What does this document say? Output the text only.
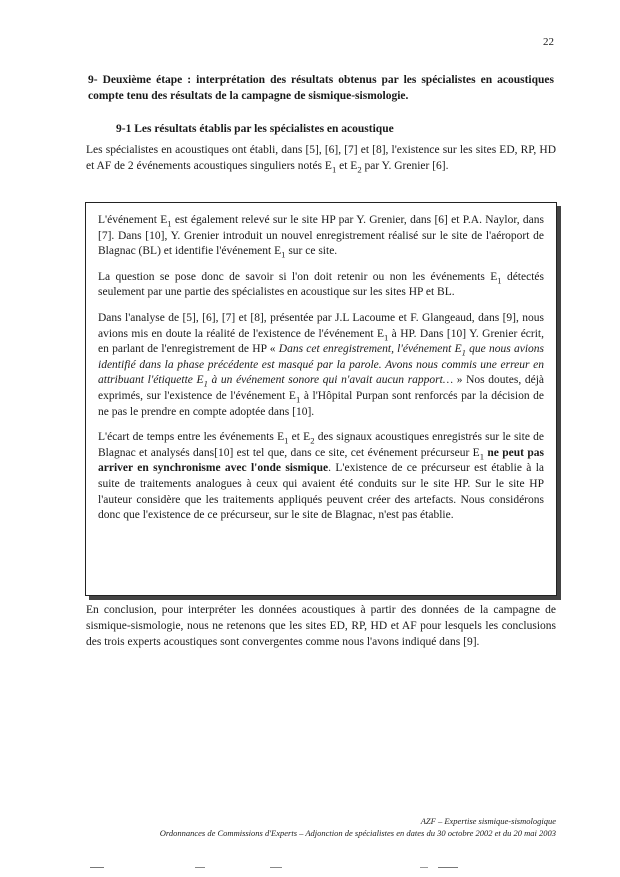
22
9- Deuxième étape : interprétation des résultats obtenus par les spécialistes en acoustiques compte tenu des résultats de la campagne de sismique-sismologie.
9-1 Les résultats établis par les spécialistes en acoustique
Les spécialistes en acoustiques ont établi, dans [5], [6], [7] et [8], l'existence sur les sites ED, RP, HD et AF de 2 événements acoustiques singuliers notés $E_1$ et $E_2$ par Y. Grenier [6].

L'événement $E_1$ est également relevé sur le site HP par Y. Grenier, dans [6] et P.A. Naylor, dans [7]. Dans [10], Y. Grenier introduit un nouvel enregistrement réalisé sur le site de l'aéroport de Blagnac (BL) et identifie l'événement $E_1$ sur ce site.

La question se pose donc de savoir si l'on doit retenir ou non les événements $E_1$ détectés seulement par une partie des spécialistes en acoustique sur les sites HP et BL.

Dans l'analyse de [5], [6], [7] et [8], présentée par J.L Lacoume et F. Glangeaud, dans [9], nous avions mis en doute la réalité de l'existence de l'événement $E_1$ à HP. Dans [10] Y. Grenier écrit, en parlant de l'enregistrement de HP « Dans cet enregistrement, l'événement $E_1$ que nous avions identifié dans la phase précédente est masqué par la parole. Avons nous commis une erreur en attribuant l'étiquette $E_1$ à un événement sonore qui n'avait aucun rapport… » Nos doutes, déjà exprimés, sur l'existence de l'événement $E_1$ à l'Hôpital Purpan sont renforcés par la décision de ne pas le prendre en compte adoptée dans [10].

L'écart de temps entre les événements $E_1$ et $E_2$ des signaux acoustiques enregistrés sur le site de Blagnac et analysés dans[10] est tel que, dans ce site, cet événement précurseur $E_1$ ne peut pas arriver en synchronisme avec l'onde sismique. L'existence de ce précurseur est établie à la suite de traitements analogues à ceux qui avaient été conduits sur le site HP. Sur le site HP l'auteur considère que les traitements appliqués peuvent créer des artefacts. Nous considérons donc que l'existence de ce précurseur, sur le site de Blagnac, n'est pas établie.

En conclusion, pour interpréter les données acoustiques à partir des données de la campagne de sismique-sismologie, nous ne retenons que les sites ED, RP, HD et AF pour lesquels les conclusions des trois experts acoustiques sont convergentes comme nous l'avons indiqué dans [9].
AZF – Expertise sismique-sismologique
Ordonnances de Commissions d'Experts – Adjonction de spécialistes en dates du 30 octobre 2002 et du 20 mai 2003
